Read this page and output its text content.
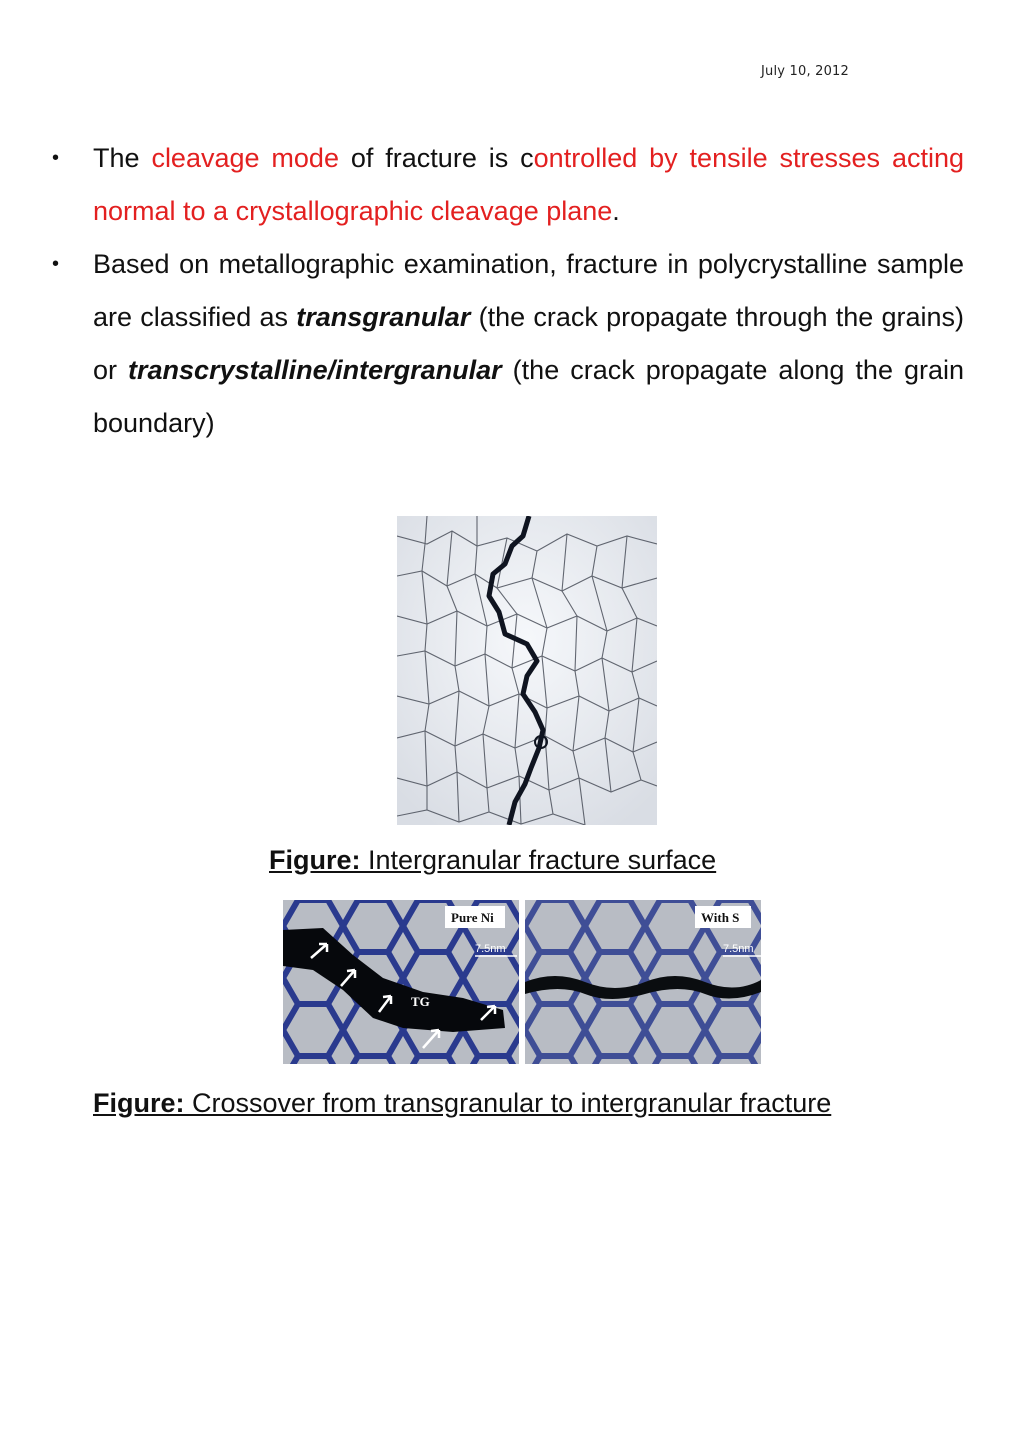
July 10, 2012
• The cleavage mode of fracture is controlled by tensile stresses acting normal to a crystallographic cleavage plane.
• Based on metallographic examination, fracture in polycrystalline sample are classified as transgranular (the crack propagate through the grains) or transcrystalline/intergranular (the crack propagate along the grain boundary)
Figure: Intergranular fracture surface
TG
Pure Ni
7.5nm
With S
7.5nm
Figure: Crossover from transgranular to intergranular fracture
